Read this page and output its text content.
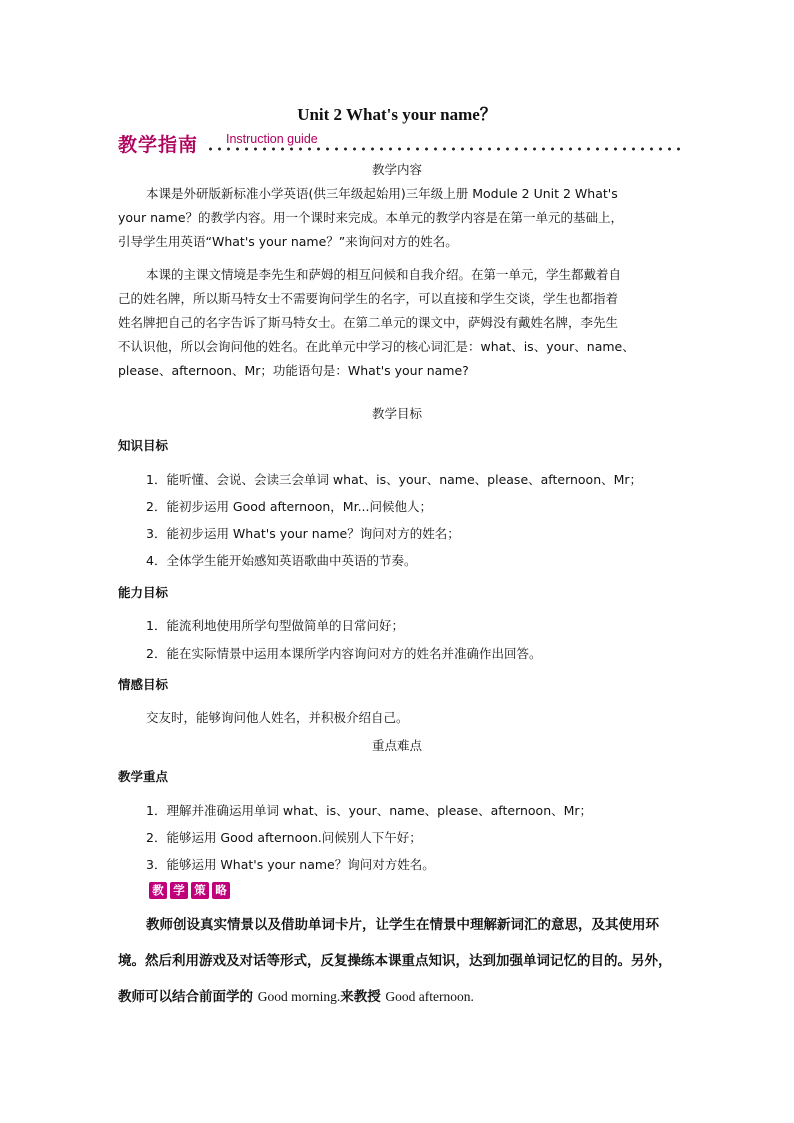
Unit 2 What's your name？
教学指南 Instruction guide
教学内容
本课是外研版新标准小学英语(供三年级起始用)三年级上册 Module 2 Unit 2 What's
your name？的教学内容。用一个课时来完成。本单元的教学内容是在第一单元的基础上，
引导学生用英语“What's your name？”来询问对方的姓名。
本课的主课文情境是李先生和萨姆的相互问候和自我介绍。在第一单元，学生都戴着自
己的姓名牌，所以斯马特女士不需要询问学生的名字，可以直接和学生交谈，学生也都指着
姓名牌把自己的名字告诉了斯马特女士。在第二单元的课文中，萨姆没有戴姓名牌，李先生
不认识他，所以会询问他的姓名。在此单元中学习的核心词汇是：what、is、your、name、
please、afternoon、Mr；功能语句是：What's your name?
教学目标
知识目标
1．能听懂、会说、会读三会单词 what、is、your、name、please、afternoon、Mr；
2．能初步运用 Good afternoon，Mr...问候他人；
3．能初步运用 What's your name？询问对方的姓名；
4．全体学生能开始感知英语歌曲中英语的节奏。
能力目标
1．能流利地使用所学句型做简单的日常问好；
2．能在实际情景中运用本课所学内容询问对方的姓名并准确作出回答。
情感目标
交友时，能够询问他人姓名，并积极介绍自己。
重点难点
教学重点
1．理解并准确运用单词 what、is、your、name、please、afternoon、Mr；
2．能够运用 Good afternoon.问候别人下午好；
3．能够运用 What's your name？询问对方姓名。
教 学 策 略
教师创设真实情景以及借助单词卡片，让学生在情景中理解新词汇的意思，及其使用环
境。然后利用游戏及对话等形式，反复操练本课重点知识，达到加强单词记忆的目的。另外，
教师可以结合前面学的 Good morning.来教授 Good afternoon.
